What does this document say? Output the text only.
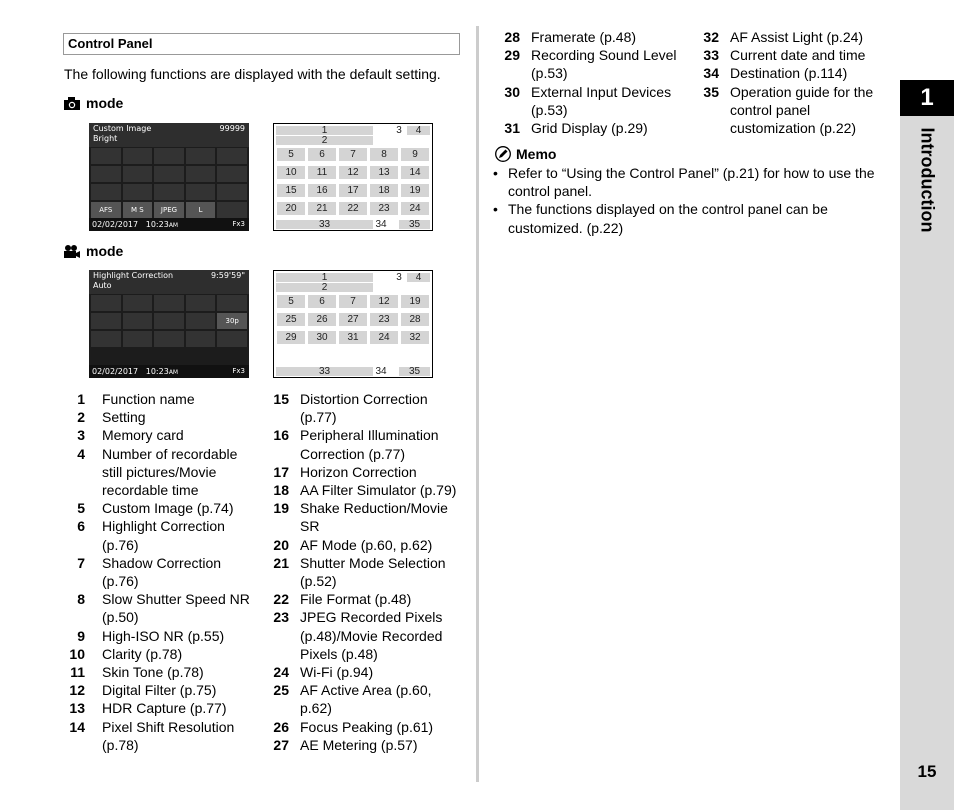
Control Panel
The following functions are displayed with the default setting.
mode
Custom Image
Bright
99999
AFS	M S	JPEG	L
02/02/2017 10:23AM	Fx3
1
2
3	4
5	6	7	8	9
10	11	12	13	14
15	16	17	18	19
20	21	22	23	24
33	34	35
mode
Highlight Correction
Auto
9:59'59"
30p
02/02/2017 10:23AM	Fx3
1
2
3	4
5	6	7	12	19
25	26	27	23	28
29	30	31	24	32
33	34	35
1 Function name
2 Setting
3 Memory card
4 Number of recordable still pictures/Movie recordable time
5 Custom Image (p.74)
6 Highlight Correction (p.76)
7 Shadow Correction (p.76)
8 Slow Shutter Speed NR (p.50)
9 High-ISO NR (p.55)
10 Clarity (p.78)
11 Skin Tone (p.78)
12 Digital Filter (p.75)
13 HDR Capture (p.77)
14 Pixel Shift Resolution (p.78)
15 Distortion Correction (p.77)
16 Peripheral Illumination Correction (p.77)
17 Horizon Correction
18 AA Filter Simulator (p.79)
19 Shake Reduction/Movie SR
20 AF Mode (p.60, p.62)
21 Shutter Mode Selection (p.52)
22 File Format (p.48)
23 JPEG Recorded Pixels (p.48)/Movie Recorded Pixels (p.48)
24 Wi-Fi (p.94)
25 AF Active Area (p.60, p.62)
26 Focus Peaking (p.61)
27 AE Metering (p.57)
28 Framerate (p.48)
29 Recording Sound Level (p.53)
30 External Input Devices (p.53)
31 Grid Display (p.29)
32 AF Assist Light (p.24)
33 Current date and time
34 Destination (p.114)
35 Operation guide for the control panel customization (p.22)
Memo
• Refer to “Using the Control Panel” (p.21) for how to use the control panel.
• The functions displayed on the control panel can be customized. (p.22)
1
Introduction
15
